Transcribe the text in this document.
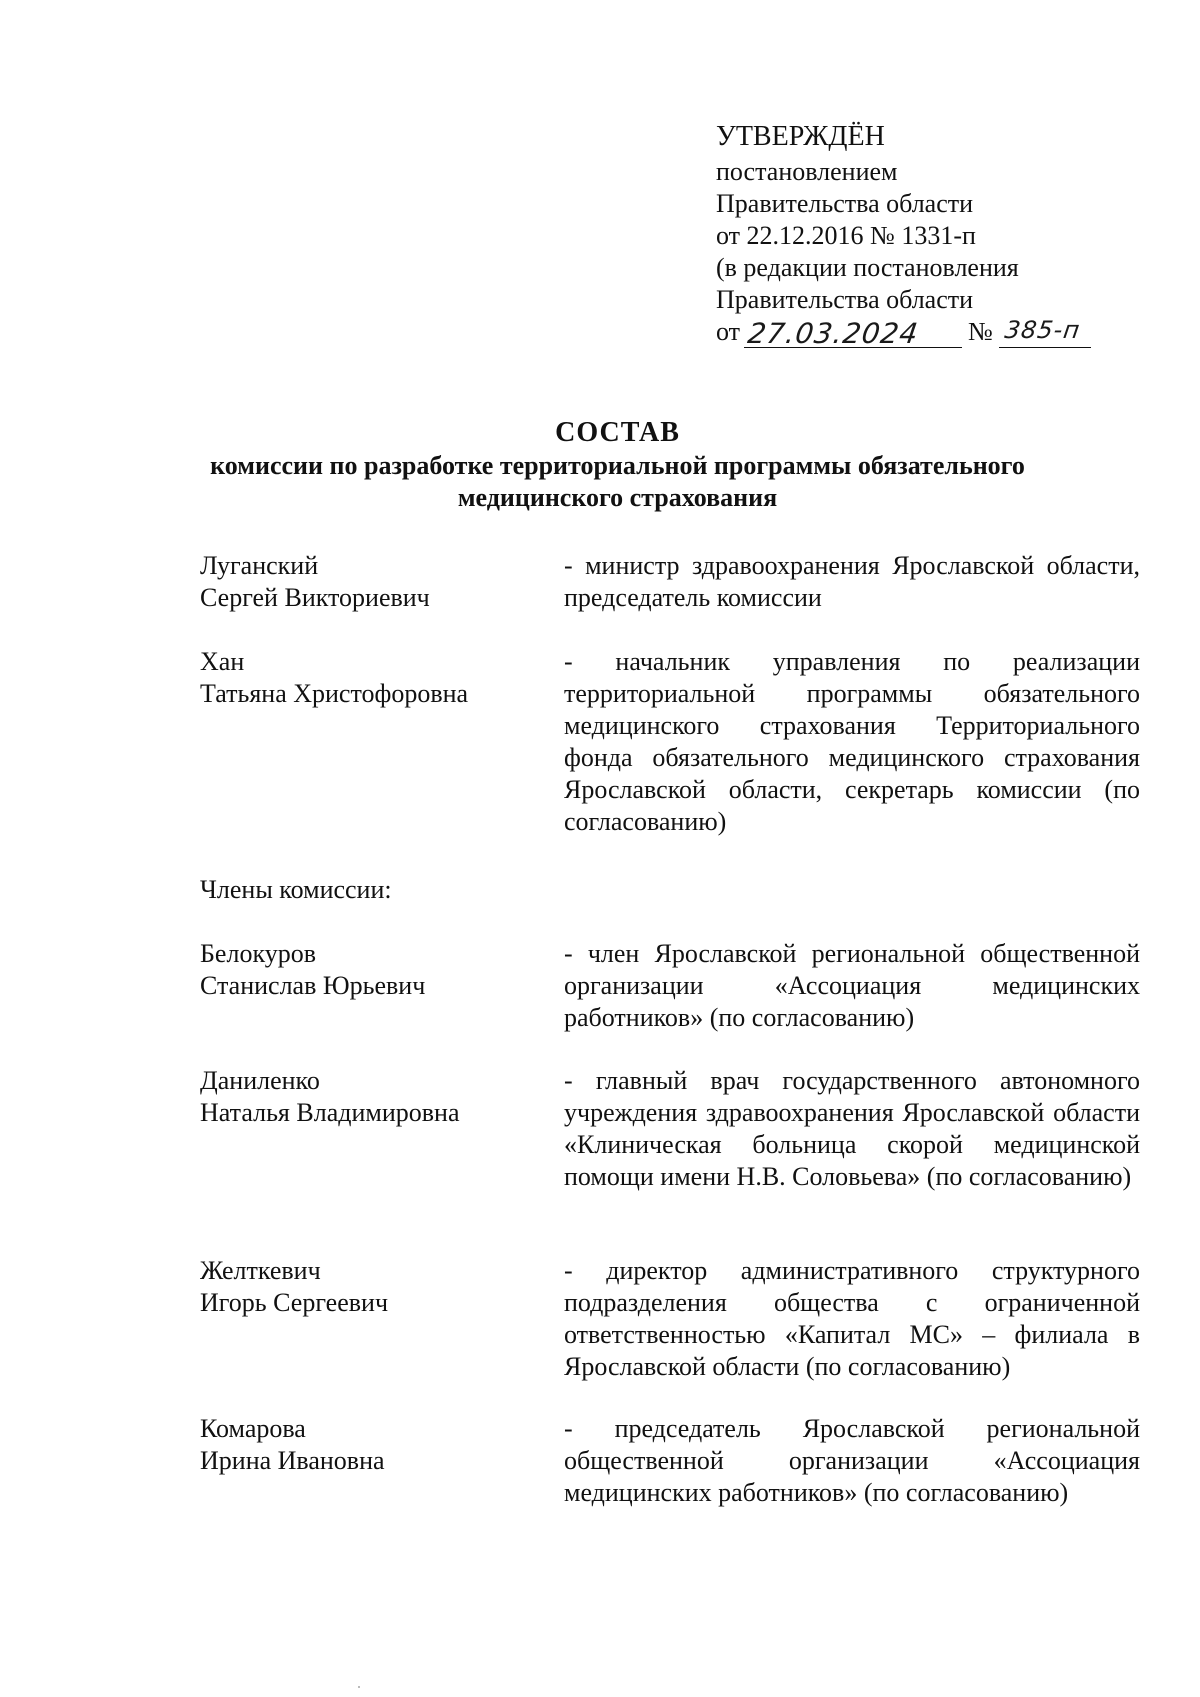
УТВЕРЖДЁН
постановлением
Правительства области
от 22.12.2016 № 1331-п
(в редакции постановления
Правительства области
от 27.03.2024 № 385-п
СОСТАВ
комиссии по разработке территориальной программы обязательного
медицинского страхования
Луганский
Сергей Викториевич
- министр здравоохранения Ярославской области, председатель комиссии
Хан
Татьяна Христофоровна
- начальник управления по реализации территориальной программы обязательного медицинского страхования Территориального фонда обязательного медицинского страхования Ярославской области, секретарь комиссии (по согласованию)
Члены комиссии:
Белокуров
Станислав Юрьевич
- член Ярославской региональной общественной организации «Ассоциация медицинских работников» (по согласованию)
Даниленко
Наталья Владимировна
- главный врач государственного автономного учреждения здравоохранения Ярославской области «Клиническая больница скорой медицинской помощи имени Н.В. Соловьева» (по согласованию)
Желткевич
Игорь Сергеевич
- директор административного структурного подразделения общества с ограниченной ответственностью «Капитал МС» – филиала в Ярославской области (по согласованию)
Комарова
Ирина Ивановна
- председатель Ярославской региональной общественной организации «Ассоциация медицинских работников» (по согласованию)
